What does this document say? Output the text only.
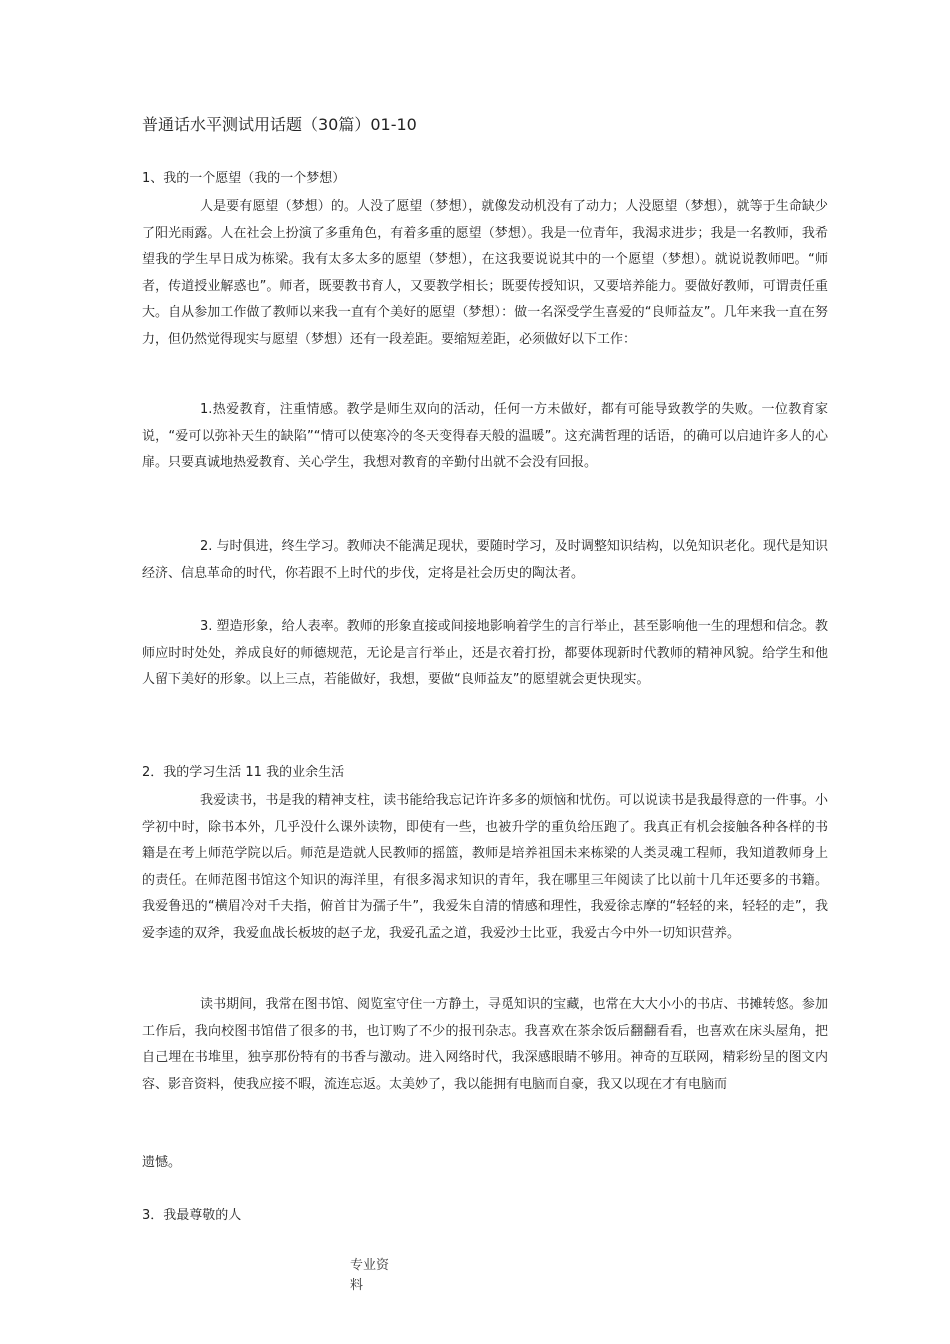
普通话水平测试用话题（30篇）01-10
1、我的一个愿望（我的一个梦想）

人是要有愿望（梦想）的。人没了愿望（梦想），就像发动机没有了动力；人没愿望（梦想），就等于生命缺少了阳光雨露。人在社会上扮演了多重角色，有着多重的愿望（梦想）。我是一位青年，我渴求进步；我是一名教师，我希望我的学生早日成为栋梁。我有太多太多的愿望（梦想），在这我要说说其中的一个愿望（梦想）。就说说教师吧。“师者，传道授业解惑也”。师者，既要教书育人，又要教学相长；既要传授知识，又要培养能力。要做好教师，可谓责任重大。自从参加工作做了教师以来我一直有个美好的愿望（梦想）：做一名深受学生喜爱的“良师益友”。几年来我一直在努力，但仍然觉得现实与愿望（梦想）还有一段差距。要缩短差距，必须做好以下工作：

1.热爱教育，注重情感。教学是师生双向的活动，任何一方未做好，都有可能导致教学的失败。一位教育家说，“爱可以弥补天生的缺陷”“情可以使寒冷的冬天变得春天般的温暖”。这充满哲理的话语，的确可以启迪许多人的心扉。只要真诚地热爱教育、关心学生，我想对教育的辛勤付出就不会没有回报。

2. 与时俱进，终生学习。教师决不能满足现状，要随时学习，及时调整知识结构，以免知识老化。现代是知识经济、信息革命的时代，你若跟不上时代的步伐，定将是社会历史的陶汰者。

3. 塑造形象，给人表率。教师的形象直接或间接地影响着学生的言行举止，甚至影响他一生的理想和信念。教师应时时处处，养成良好的师德规范，无论是言行举止，还是衣着打扮，都要体现新时代教师的精神风貌。给学生和他人留下美好的形象。以上三点，若能做好，我想，要做“良师益友”的愿望就会更快现实。

2．我的学习生活 11 我的业余生活

我爱读书，书是我的精神支柱，读书能给我忘记许许多多的烦恼和忧伤。可以说读书是我最得意的一件事。小学初中时，除书本外，几乎没什么课外读物，即使有一些，也被升学的重负给压跑了。我真正有机会接触各种各样的书籍是在考上师范学院以后。师范是造就人民教师的摇篮，教师是培养祖国未来栋梁的人类灵魂工程师，我知道教师身上的责任。在师范图书馆这个知识的海洋里，有很多渴求知识的青年，我在哪里三年阅读了比以前十几年还要多的书籍。我爱鲁迅的“横眉冷对千夫指，俯首甘为孺子牛”，我爱朱自清的情感和理性，我爱徐志摩的“轻轻的来，轻轻的走”，我爱李逵的双斧，我爱血战长板坡的赵子龙，我爱孔孟之道，我爱沙士比亚，我爱古今中外一切知识营养。

读书期间，我常在图书馆、阅览室守住一方静土，寻觅知识的宝藏，也常在大大小小的书店、书摊转悠。参加工作后，我向校图书馆借了很多的书，也订购了不少的报刊杂志。我喜欢在茶余饭后翻翻看看，也喜欢在床头屋角，把自己埋在书堆里，独享那份特有的书香与激动。进入网络时代，我深感眼睛不够用。神奇的互联网，精彩纷呈的图文内容、影音资料，使我应接不暇，流连忘返。太美妙了，我以能拥有电脑而自豪，我又以现在才有电脑而

遗憾。

3．我最尊敬的人
专业资料
